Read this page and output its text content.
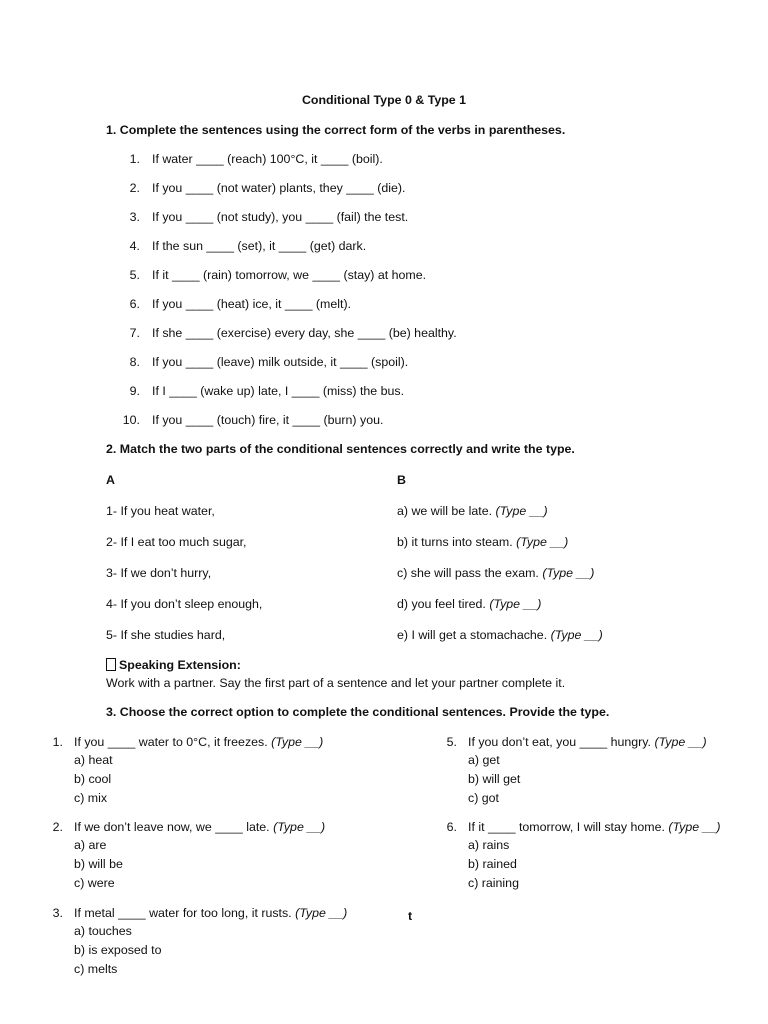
Conditional Type 0 & Type 1
1. Complete the sentences using the correct form of the verbs in parentheses.
1. If water ____ (reach) 100°C, it ____ (boil).
2. If you ____ (not water) plants, they ____ (die).
3. If you ____ (not study), you ____ (fail) the test.
4. If the sun ____ (set), it ____ (get) dark.
5. If it ____ (rain) tomorrow, we ____ (stay) at home.
6. If you ____ (heat) ice, it ____ (melt).
7. If she ____ (exercise) every day, she ____ (be) healthy.
8. If you ____ (leave) milk outside, it ____ (spoil).
9. If I ____ (wake up) late, I ____ (miss) the bus.
10. If you ____ (touch) fire, it ____ (burn) you.
2. Match the two parts of the conditional sentences correctly and write the type.
A	B
1- If you heat water,	a) we will be late. (Type __)
2- If I eat too much sugar,	b) it turns into steam. (Type __)
3- If we don’t hurry,	c) she will pass the exam. (Type __)
4- If you don’t sleep enough,	d) you feel tired. (Type __)
5- If she studies hard,	e) I will get a stomachache. (Type __)
Speaking Extension:
Work with a partner. Say the first part of a sentence and let your partner complete it.
3. Choose the correct option to complete the conditional sentences. Provide the type.
1. If you ____ water to 0°C, it freezes. (Type __)
a) heat
b) cool
c) mix
2. If we don’t leave now, we ____ late. (Type __)
a) are
b) will be
c) were
3. If metal ____ water for too long, it rusts. (Type __)
a) touches
b) is exposed to
c) melts
5. If you don’t eat, you ____ hungry. (Type __)
a) get
b) will get
c) got
6. If it ____ tomorrow, I will stay home. (Type __)
a) rains
b) rained
c) raining
t
